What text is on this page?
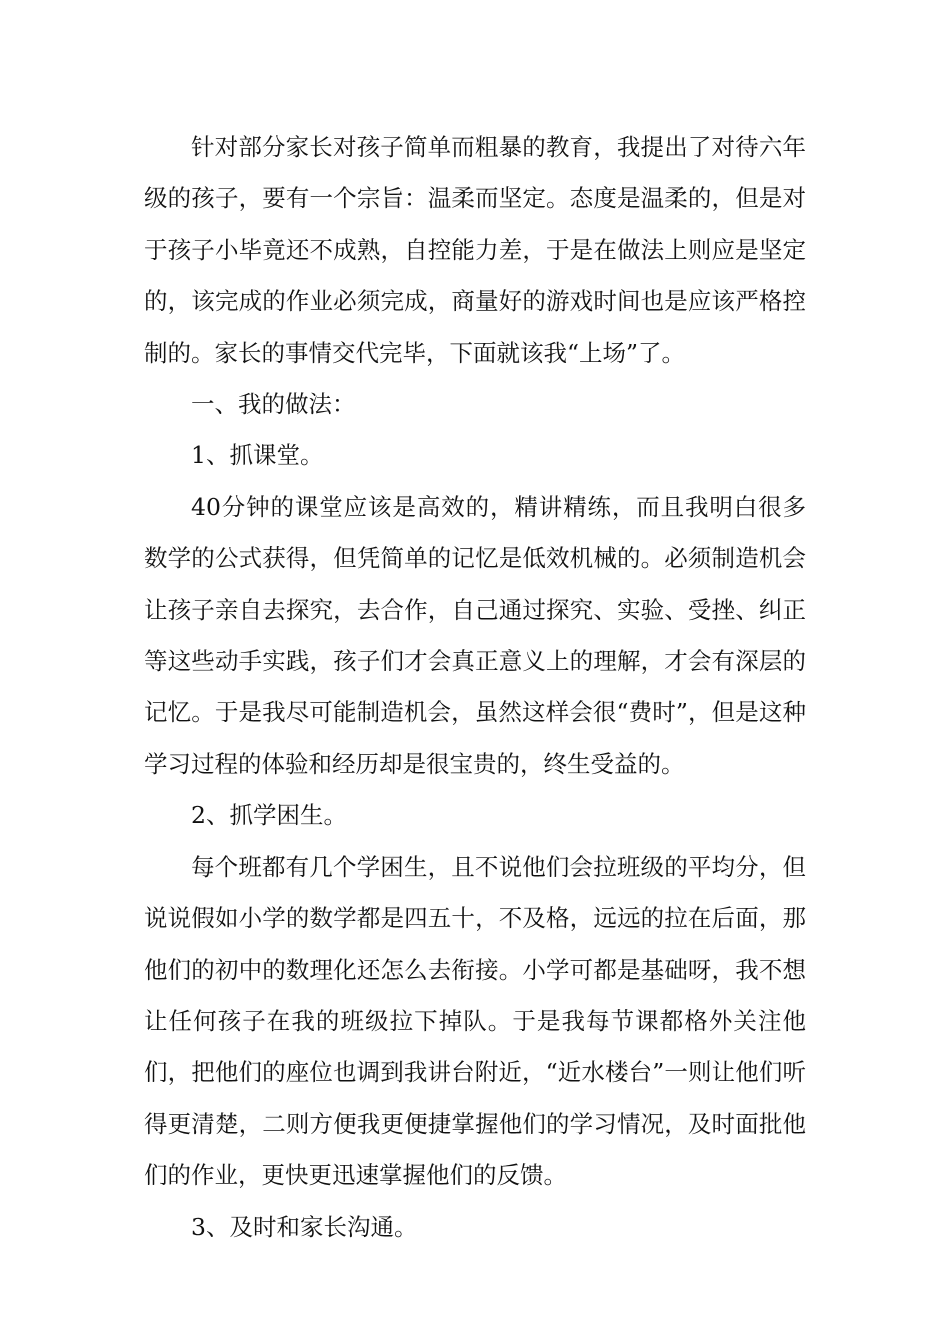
针对部分家长对孩子简单而粗暴的教育，我提出了对待六年级的孩子，要有一个宗旨：温柔而坚定。态度是温柔的，但是对于孩子小毕竟还不成熟，自控能力差，于是在做法上则应是坚定的，该完成的作业必须完成，商量好的游戏时间也是应该严格控制的。家长的事情交代完毕，下面就该我“上场”了。

一、我的做法：

1、抓课堂。

40分钟的课堂应该是高效的，精讲精练，而且我明白很多数学的公式获得，但凭简单的记忆是低效机械的。必须制造机会让孩子亲自去探究，去合作，自己通过探究、实验、受挫、纠正等这些动手实践，孩子们才会真正意义上的理解，才会有深层的记忆。于是我尽可能制造机会，虽然这样会很“费时”，但是这种学习过程的体验和经历却是很宝贵的，终生受益的。

2、抓学困生。

每个班都有几个学困生，且不说他们会拉班级的平均分，但说说假如小学的数学都是四五十，不及格，远远的拉在后面，那他们的初中的数理化还怎么去衔接。小学可都是基础呀，我不想让任何孩子在我的班级拉下掉队。于是我每节课都格外关注他们，把他们的座位也调到我讲台附近，“近水楼台”一则让他们听得更清楚，二则方便我更便捷掌握他们的学习情况，及时面批他们的作业，更快更迅速掌握他们的反馈。

3、及时和家长沟通。
